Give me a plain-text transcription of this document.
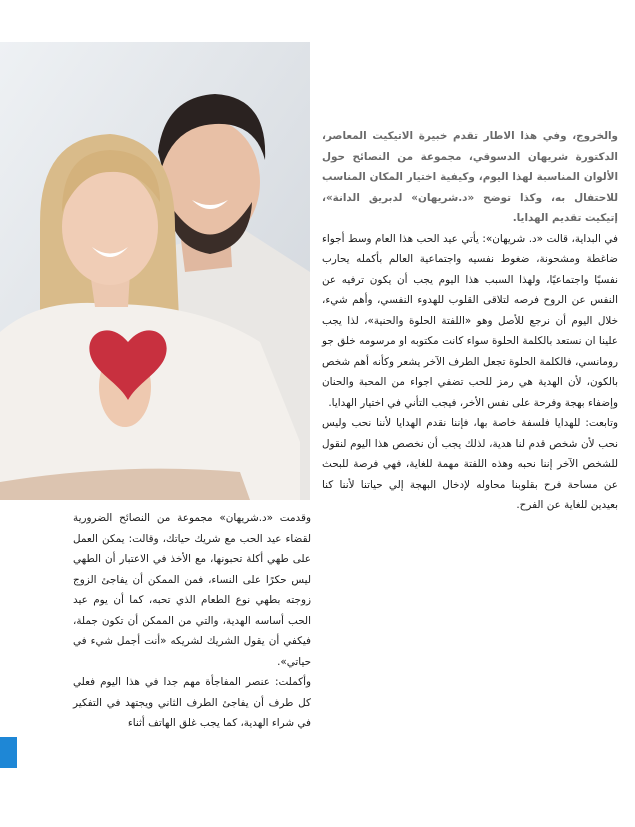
والخروج، وفي هذا الاطار تقدم خبيرة الاتيكيت المعاصر، الدكتورة شريهان الدسوقي، مجموعة من النصائح حول الألوان المناسبة لهذا اليوم، وكيفية اختيار المكان المناسب للاحتفال به، وكذا توضح «د.شريهان» لدبريق الدانة»، إتيكيت تقديم الهدايا.

في البداية، قالت «د. شريهان»: يأتي عيد الحب هذا العام وسط أجواء ضاغطة ومشحونة، ضغوط نفسيه واجتماعية العالم بأكمله يحارب نفسيًا واجتماعيًا، ولهذا السبب هذا اليوم يجب أن يكون ترفيه عن النفس عن الروح فرصه لتلاقى القلوب للهدوء النفسي، وأهم شيء، خلال اليوم أن نرجع للأصل وهو «اللفتة الحلوة والحنية»، لذا يجب علينا ان نستعد بالكلمة الحلوة سواء كانت مكتوبه او مرسومه خلق جو رومانسي، فالكلمة الحلوة تجعل الطرف الآخر يشعر وكأنه أهم شخص بالكون، لأن الهدية هي رمز للحب تضفي اجواء من المحبة والحنان وإضفاء بهجة وفرحة على نفس الأخر، فيجب التأني في اختيار الهدايا.

وتابعت: للهدايا فلسفة خاصة بها، فإننا نقدم الهدايا لأننا نحب وليس نحب لأن شخص قدم لنا هدية، لذلك يجب أن نخصص هذا اليوم لنقول للشخص الآخر إننا نحبه وهذه اللفتة مهمة للغاية، فهي فرصة للبحث عن مساحة فرح بقلوبنا محاوله لإدخال البهجة إلي حياتنا لأننا كنا بعيدين للغاية عن الفرح.

وقدمت «د.شريهان» مجموعة من النصائح الضرورية لقضاء عيد الحب مع شريك حياتك، وقالت: يمكن العمل على طهي أكلة تحبونها، مع الأخذ في الاعتبار أن الطهي ليس حكرًا على النساء، فمن الممكن أن يفاجئ الزوج زوجته بطهي نوع الطعام الذي تحبه، كما أن يوم عيد الحب أساسه الهدية، والتي من الممكن أن تكون جملة، فيكفي أن يقول الشريك لشريكه «أنت أجمل شيء في حياتي».

وأكملت: عنصر المفاجأة مهم جدا في هذا اليوم فعلي كل طرف أن يفاجئ الطرف الثاني ويجتهد في التفكير في شراء الهدية، كما يجب غلق الهاتف أثناء
